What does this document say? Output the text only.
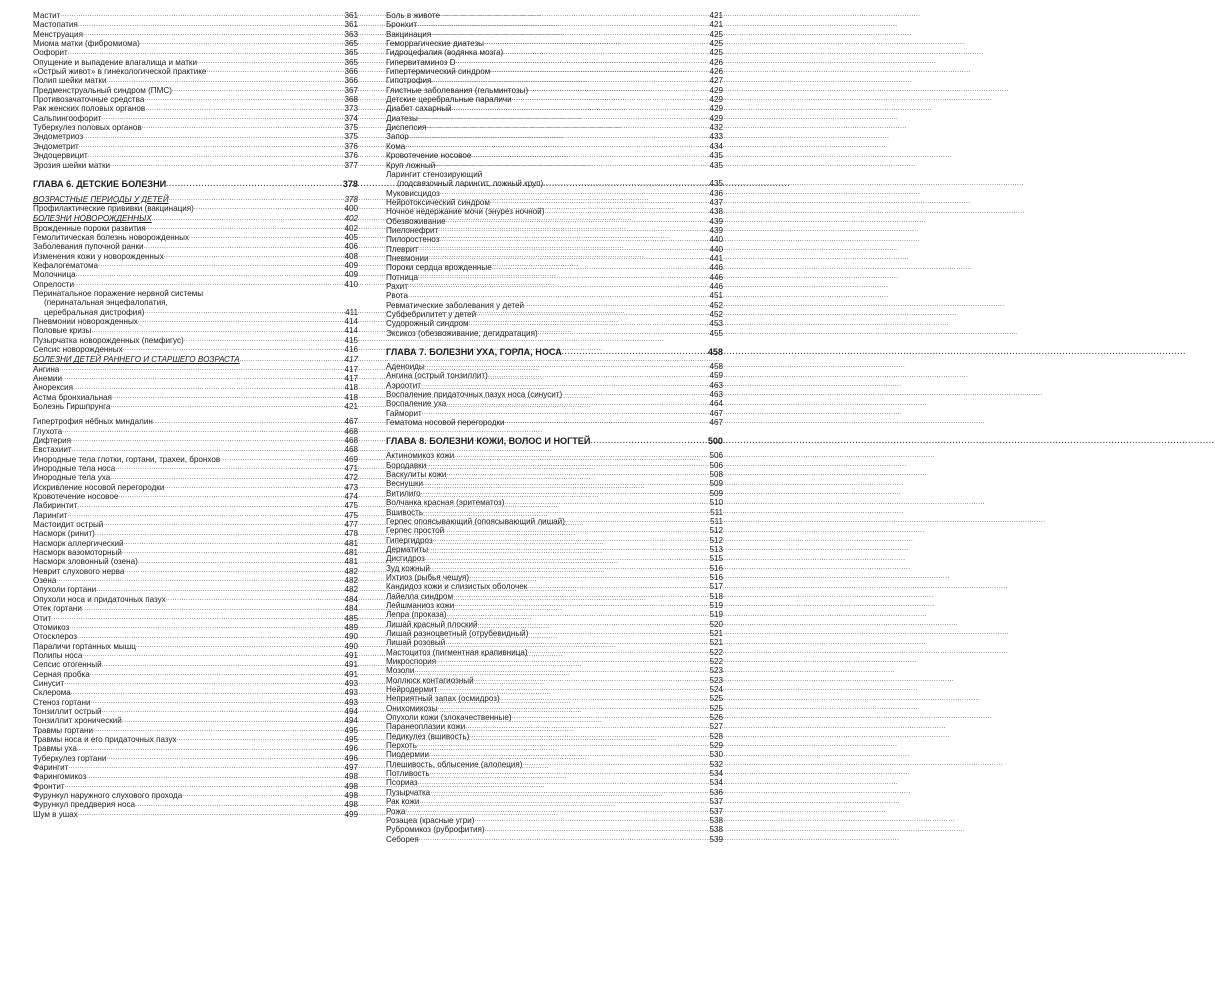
Мастит .....	361
Мастопатия .....	361
Менструация .....	363
Миома матки (фибромиома) .....	365
Оофорит .....	365
Опущение и выпадение влагалища и матки .....	365
«Острый живот» в гинекологической практике .....	366
Полип шейки матки .....	366
Предменструальный синдром (ПМС) .....	367
Противозачаточные средства .....	368
Рак женских половых органов .....	373
Сальпингоофорит .....	374
Туберкулез половых органов .....	375
Эндометриоз .....	375
Эндометрит .....	376
Эндоцервицит .....	376
Эрозия шейки матки .....	377
ГЛАВА 6. ДЕТСКИЕ БОЛЕЗНИ .....	378
ВОЗРАСТНЫЕ ПЕРИОДЫ У ДЕТЕЙ .....	378
Профилактические прививки (вакцинация) .....	400
БОЛЕЗНИ НОВОРОЖДЕННЫХ .....	402
Врожденные пороки развития .....	402
Гемолитическая болезнь новорожденных .....	405
Заболевания пупочной ранки .....	406
Изменения кожи у новорожденных .....	408
Кефалогематома .....	409
Молочница .....	409
Опрелости .....	410
Перинатальное поражение нервной системы
(перинатальная энцефалопатия,
церебральная дистрофия) .....	411
Пневмонии новорожденных .....	414
Половые кризы .....	414
Пузырчатка новорожденных (пемфигус) .....	415
Сепсис новорожденных .....	416
БОЛЕЗНИ ДЕТЕЙ РАННЕГО И СТАРШЕГО ВОЗРАСТА .....	417
Ангина .....	417
Анемии .....	417
Анорексия .....	418
Астма бронхиальная .....	418
Болезнь Гиршпрунга .....	421
Гипертрофия нёбных миндалин .....	467
Глухота .....	468
Дифтерия .....	468
Евстахиит .....	468
Инородные тела глотки, гортани, трахеи, бронхов .....	469
Инородные тела носа .....	471
Инородные тела уха .....	472
Искривление носовой перегородки .....	473
Кровотечение носовое .....	474
Лабиринтит .....	475
Ларингит .....	475
Мастоидит острый .....	477
Насморк (ринит) .....	478
Насморк аллергический .....	481
Насморк вазомоторный .....	481
Насморк зловонный (озена) .....	481
Неврит слухового нерва .....	482
Озена .....	482
Опухоли гортани .....	482
Опухоли носа и придаточных пазух .....	484
Отек гортани .....	484
Отит .....	485
Отомикоз .....	489
Отосклероз .....	490
Параличи гортанных мышц .....	490
Полипы носа .....	491
Сепсис отогенный .....	491
Серная пробка .....	491
Синусит .....	493
Склерома .....	493
Стеноз гортани .....	493
Тонзиллит острый .....	494
Тонзиллит хронический .....	494
Травмы гортани .....	495
Травмы носа и его придаточных пазух .....	495
Травмы уха .....	496
Туберкулез гортани .....	496
Фарингит .....	497
Фарингомикоз .....	498
Фронтит .....	498
Фурункул наружного слухового прохода .....	498
Фурункул преддверия носа .....	498
Шум в ушах .....	499
Боль в животе .....	421
Бронхит .....	421
Вакцинация .....	425
Геморрагические диатезы .....	425
Гидроцефалия (водянка мозга) .....	425
Гипервитаминоз D .....	426
Гипертермический синдром .....	426
Гипотрофия .....	427
Глистные заболевания (гельминтозы) .....	429
Детские церебральные параличи .....	429
Диабет сахарный .....	429
Диатезы .....	429
Диспепсия .....	432
Запор .....	433
Кома .....	434
Кровотечение носовое .....	435
Круп ложный .....	435
Ларингит стенозирующий
(подсвязочный ларингит, ложный круп) .....	435
Муковисцидоз .....	436
Нейротоксический синдром .....	437
Ночное недержание мочи (энурез ночной) .....	438
Обезвоживание .....	439
Пиелонефрит .....	439
Пилоростеноз .....	440
Плеврит .....	440
Пневмонии .....	441
Пороки сердца врожденные .....	446
Потница .....	446
Рахит .....	446
Рвота .....	451
Ревматические заболевания у детей .....	452
Субфебрилитет у детей .....	452
Судорожный синдром .....	453
Эксикоз (обезвоживание, дегидратация) .....	455
ГЛАВА 7. БОЛЕЗНИ УХА, ГОРЛА, НОСА .....	458
Аденоиды .....	458
Ангина (острый тонзиллит) .....	459
Аэроотит .....	463
Воспаление придаточных пазух носа (синусит) .....	463
Воспаление уха .....	464
Гайморит .....	467
Гематома носовой перегородки .....	467
ГЛАВА 8. БОЛЕЗНИ КОЖИ, ВОЛОС И НОГТЕЙ .....	500
Актиномикоз кожи .....	506
Бородавки .....	506
Васкулиты кожи .....	508
Веснушки .....	509
Витилиго .....	509
Волчанка красная (эритематоз) .....	510
Вшивость .....	511
Герпес опоясывающий (опоясывающий лишай) .....	511
Герпес простой .....	512
Гипергидроз .....	512
Дерматиты .....	513
Дисгидроз .....	515
Зуд кожный .....	516
Ихтиоз (рыбья чешуя) .....	516
Кандидоз кожи и слизистых оболочек .....	517
Лайелла синдром .....	518
Лейшманиоз кожи .....	519
Лепра (проказа) .....	519
Лишай красный плоский .....	520
Лишай разноцветный (отрубевидный) .....	521
Лишай розовый .....	521
Мастоцитоз (пигментная крапивница) .....	522
Микроспория .....	522
Мозоли .....	523
Моллюск контагиозный .....	523
Нейродермит .....	524
Неприятный запах (осмидроз) .....	525
Онихомикозы .....	525
Опухоли кожи (злокачественные) .....	526
Паранеоплазии кожи .....	527
Педикулез (вшивость) .....	528
Перхоть .....	529
Пиодермии .....	530
Плешивость, облысение (алопеция) .....	532
Потливость .....	534
Псориаз .....	534
Пузырчатка .....	536
Рак кожи .....	537
Рожа .....	537
Розацеа (красные угри) .....	538
Рубромикоз (руброфития) .....	538
Себорея .....	539
